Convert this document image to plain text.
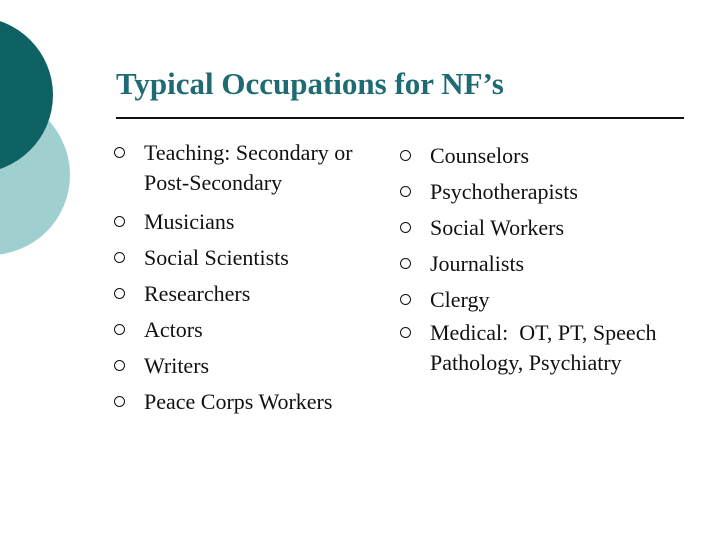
Typical Occupations for NF’s
Teaching: Secondary or Post-Secondary
Musicians
Social Scientists
Researchers
Actors
Writers
Peace Corps Workers
Counselors
Psychotherapists
Social Workers
Journalists
Clergy
Medical:  OT, PT, Speech Pathology, Psychiatry
